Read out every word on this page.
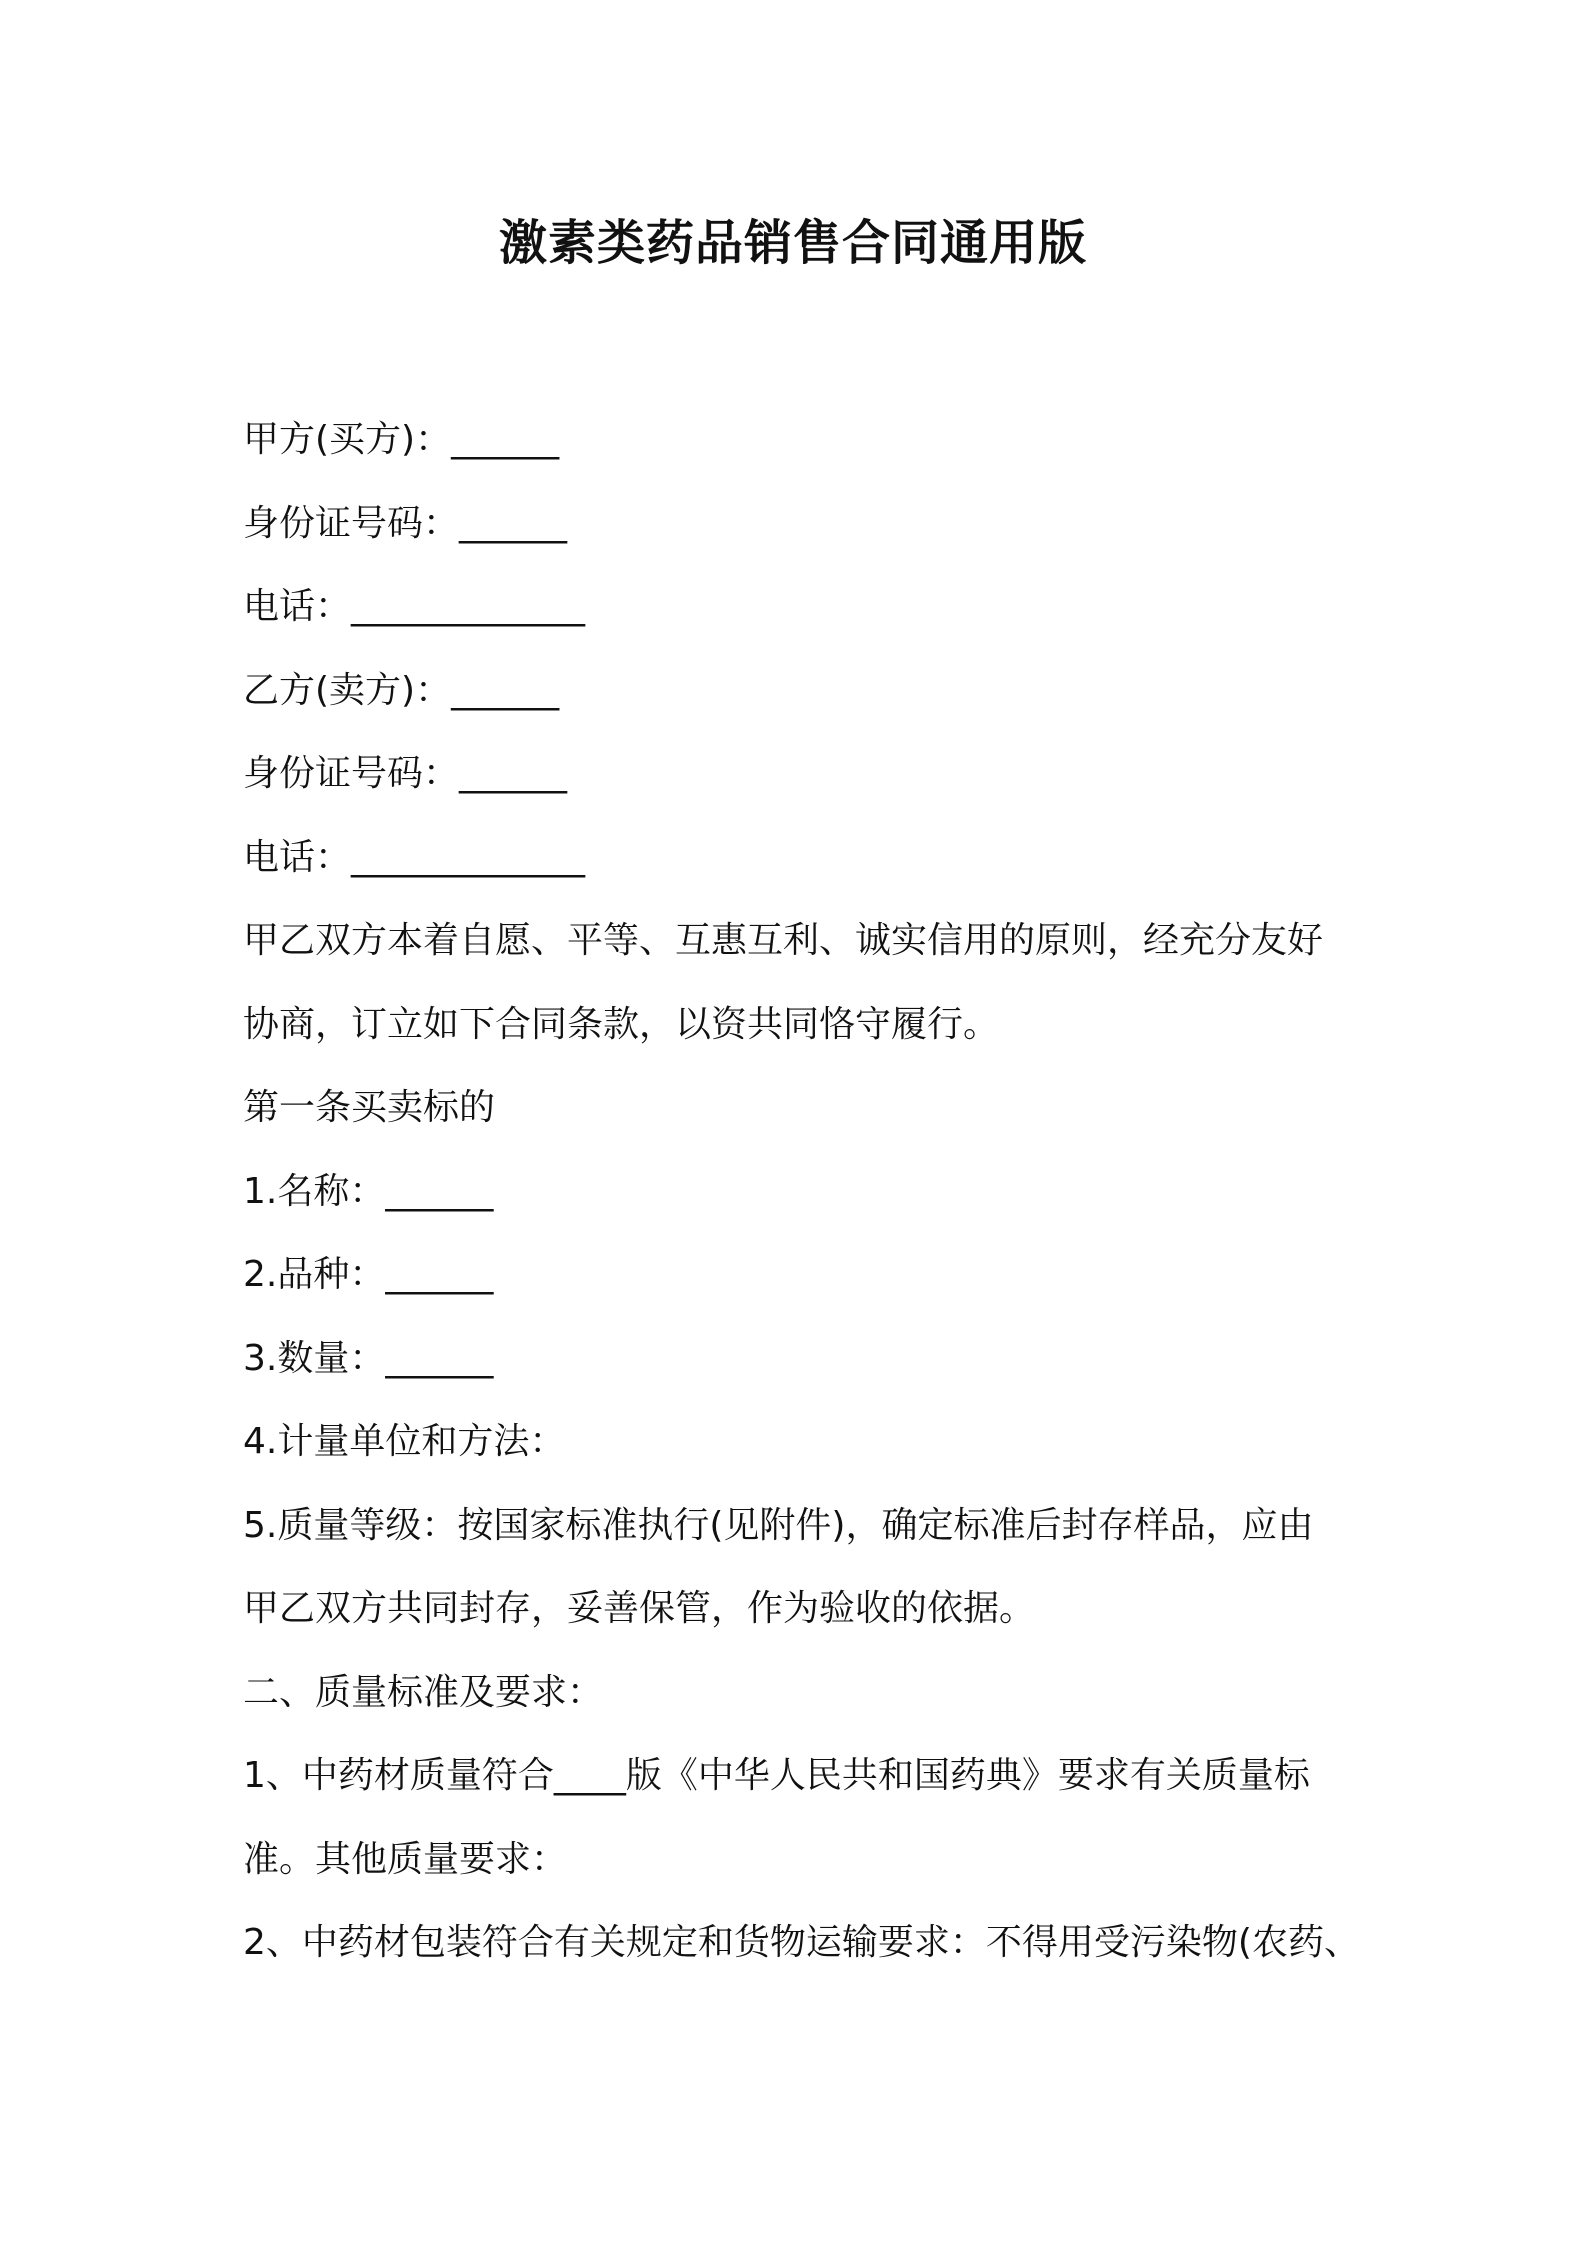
激素类药品销售合同通用版
甲方(买方)：______
身份证号码：______
电话：_____________
乙方(卖方)：______
身份证号码：______
电话：_____________
甲乙双方本着自愿、平等、互惠互利、诚实信用的原则，经充分友好
协商，订立如下合同条款，以资共同恪守履行。
第一条买卖标的
1.名称：______
2.品种：______
3.数量：______
4.计量单位和方法：
5.质量等级：按国家标准执行(见附件)，确定标准后封存样品，应由
甲乙双方共同封存，妥善保管，作为验收的依据。
二、质量标准及要求：
1、中药材质量符合____版《中华人民共和国药典》要求有关质量标
准。其他质量要求：
2、中药材包装符合有关规定和货物运输要求：不得用受污染物(农药、
